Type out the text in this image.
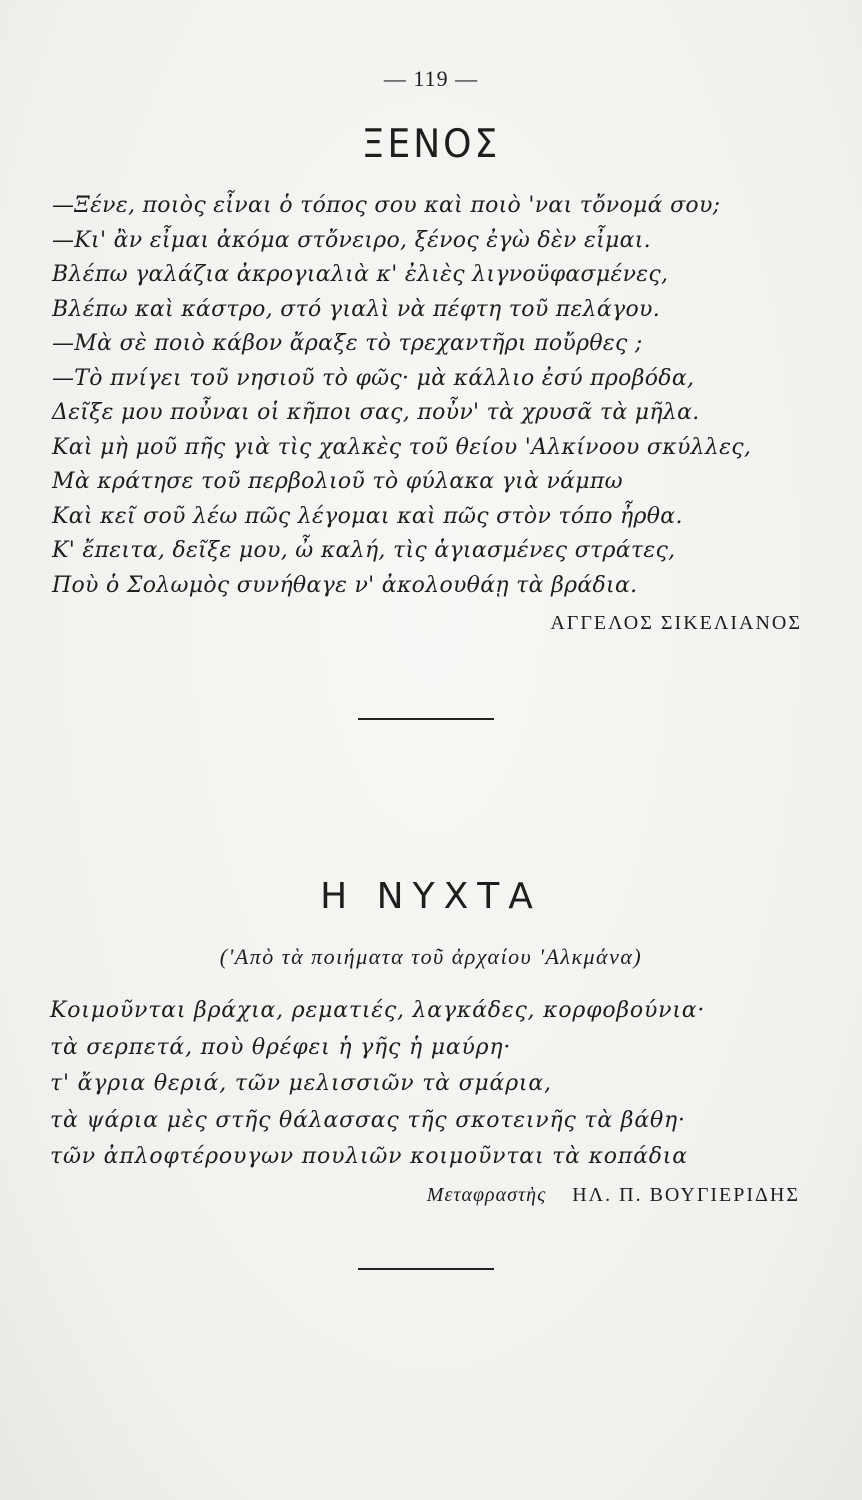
— 119 —
ΞΕΝΟΣ
—Ξένε, ποιὸς εἶναι ὁ τόπος σου καὶ ποιὸ 'ναι τὄνομά σου;
—Κι' ἂν εἶμαι ἀκόμα στὄνειρο, ξένος ἐγὼ δὲν εἶμαι.
Βλέπω γαλάζια ἀκρογιαλιὰ κ' ἐλιὲς λιγνοϋφασμένες,
Βλέπω καὶ κάστρο, στό γιαλὶ νὰ πέφτη τοῦ πελάγου.
—Μὰ σὲ ποιὸ κάβον ἄραξε τὸ τρεχαντῆρι ποὔρθες ;
—Τὸ πνίγει τοῦ νησιοῦ τὸ φῶς· μὰ κάλλιο ἐσύ προβόδα,
Δεῖξε μου ποὖναι οἱ κῆποι σας, ποὖν' τὰ χρυσᾶ τὰ μῆλα.
Καὶ μὴ μοῦ πῆς γιὰ τὶς χαλκὲς τοῦ θείου 'Αλκίνοου σκύλλες,
Μὰ κράτησε τοῦ περβολιοῦ τὸ φύλακα γιὰ νάμπω
Καὶ κεῖ σοῦ λέω πῶς λέγομαι καὶ πῶς στὸν τόπο ἦρθα.
Κ' ἔπειτα, δεῖξε μου, ὦ καλή, τὶς ἁγιασμένες στράτες,
Ποὺ ὁ Σολωμὸς συνήθαγε ν' ἀκολουθάῃ τὰ βράδια.
ΑΓΓΕΛΟΣ ΣΙΚΕΛΙΑΝΟΣ
Η ΝΥΧΤΑ
('Απὸ τὰ ποιήματα τοῦ ἀρχαίου 'Αλκμάνα)
Κοιμοῦνται βράχια, ρεματιές, λαγκάδες, κορφοβούνια·
τὰ σερπετά, ποὺ θρέφει ἡ γῆς ἡ μαύρη·
τ' ἄγρια θεριά, τῶν μελισσιῶν τὰ σμάρια,
τὰ ψάρια μὲς στῆς θάλασσας τῆς σκοτεινῆς τὰ βάθη·
τῶν ἀπλοφτέρουγων πουλιῶν κοιμοῦνται τὰ κοπάδια
Μεταφραστὴς ΗΛ. Π. ΒΟΥΓΙΕΡΙΔΗΣ
